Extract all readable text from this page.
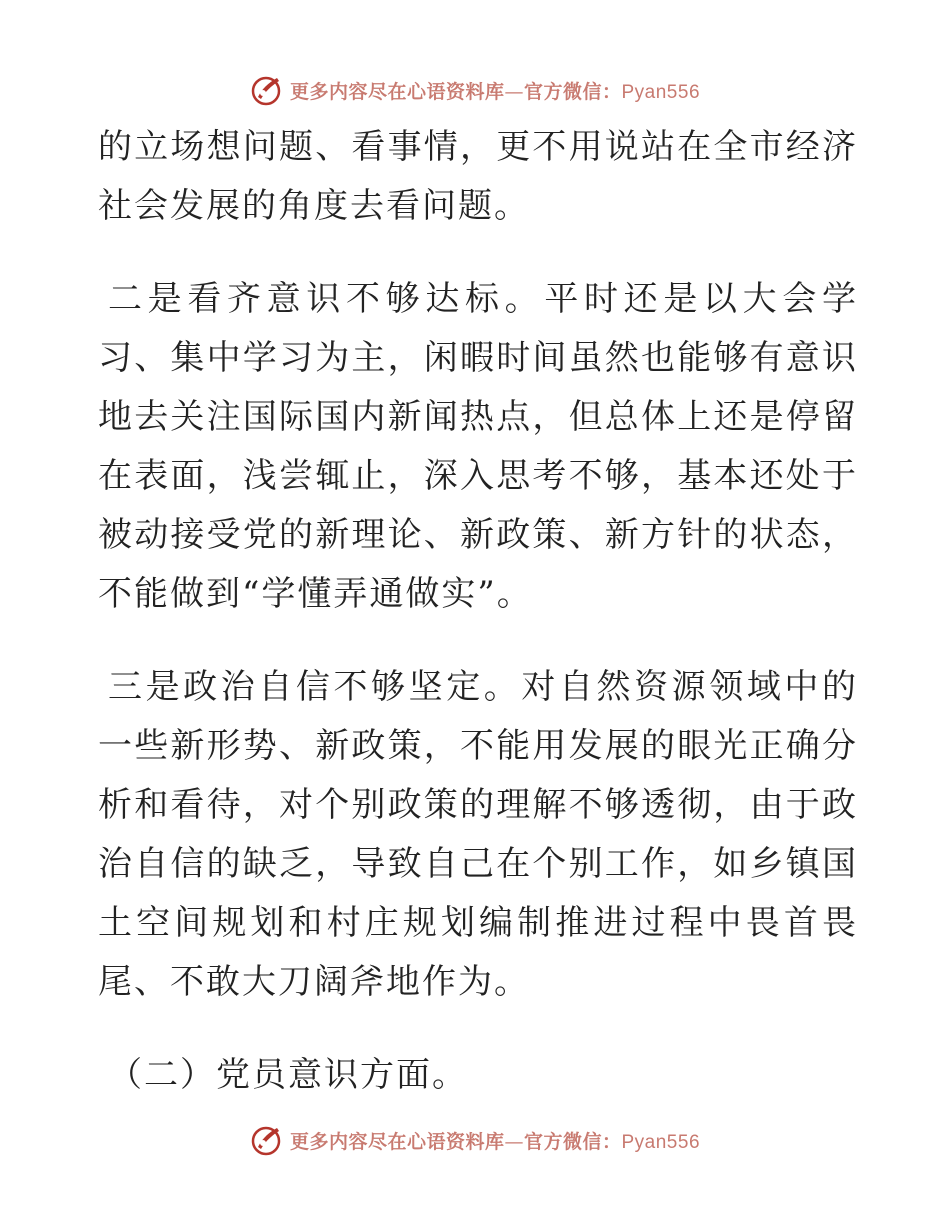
更多内容尽在心语资料库—官方微信：Pyan556

的立场想问题、看事情，更不用说站在全市经济社会发展的角度去看问题。

二是看齐意识不够达标。平时还是以大会学习、集中学习为主，闲暇时间虽然也能够有意识地去关注国际国内新闻热点，但总体上还是停留在表面，浅尝辄止，深入思考不够，基本还处于被动接受党的新理论、新政策、新方针的状态，不能做到“学懂弄通做实”。

三是政治自信不够坚定。对自然资源领域中的一些新形势、新政策，不能用发展的眼光正确分析和看待，对个别政策的理解不够透彻，由于政治自信的缺乏，导致自己在个别工作，如乡镇国土空间规划和村庄规划编制推进过程中畏首畏尾、不敢大刀阔斧地作为。

（二）党员意识方面。

更多内容尽在心语资料库—官方微信：Pyan556
